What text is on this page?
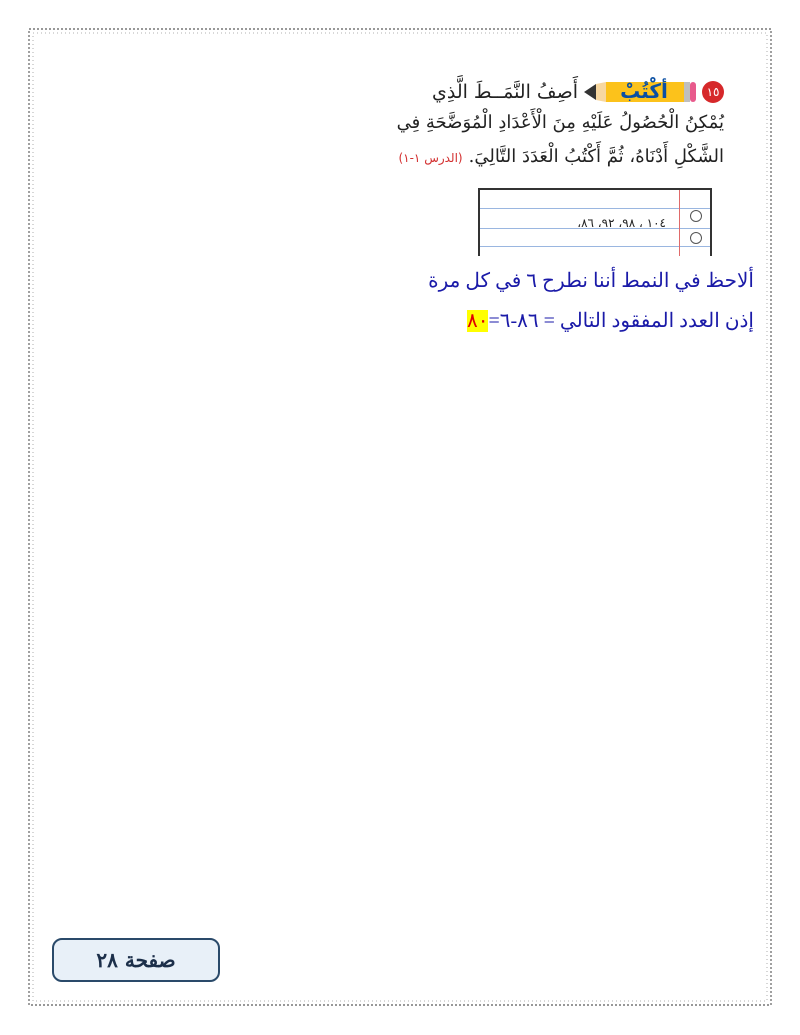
١٥
أكْتُبْ
أَصِفُ النَّمَــطَ الَّذِي
يُمْكِنُ الْحُصُولُ عَلَيْهِ مِنَ الْأَعْدَادِ الْمُوَضَّحَةِ فِي
الشَّكْلِ أَدْنَاهُ، ثُمَّ أَكْتُبُ الْعَدَدَ التَّالِيَ.(الدرس ١-١)
١٠٤ ، ٩٨، ٩٢، ٨٦،
ألاحظ في النمط أننا نطرح ٦ في كل مرة
إذن العدد المفقود التالي = ٨٦-٦=٨٠
صفحة ٢٨
